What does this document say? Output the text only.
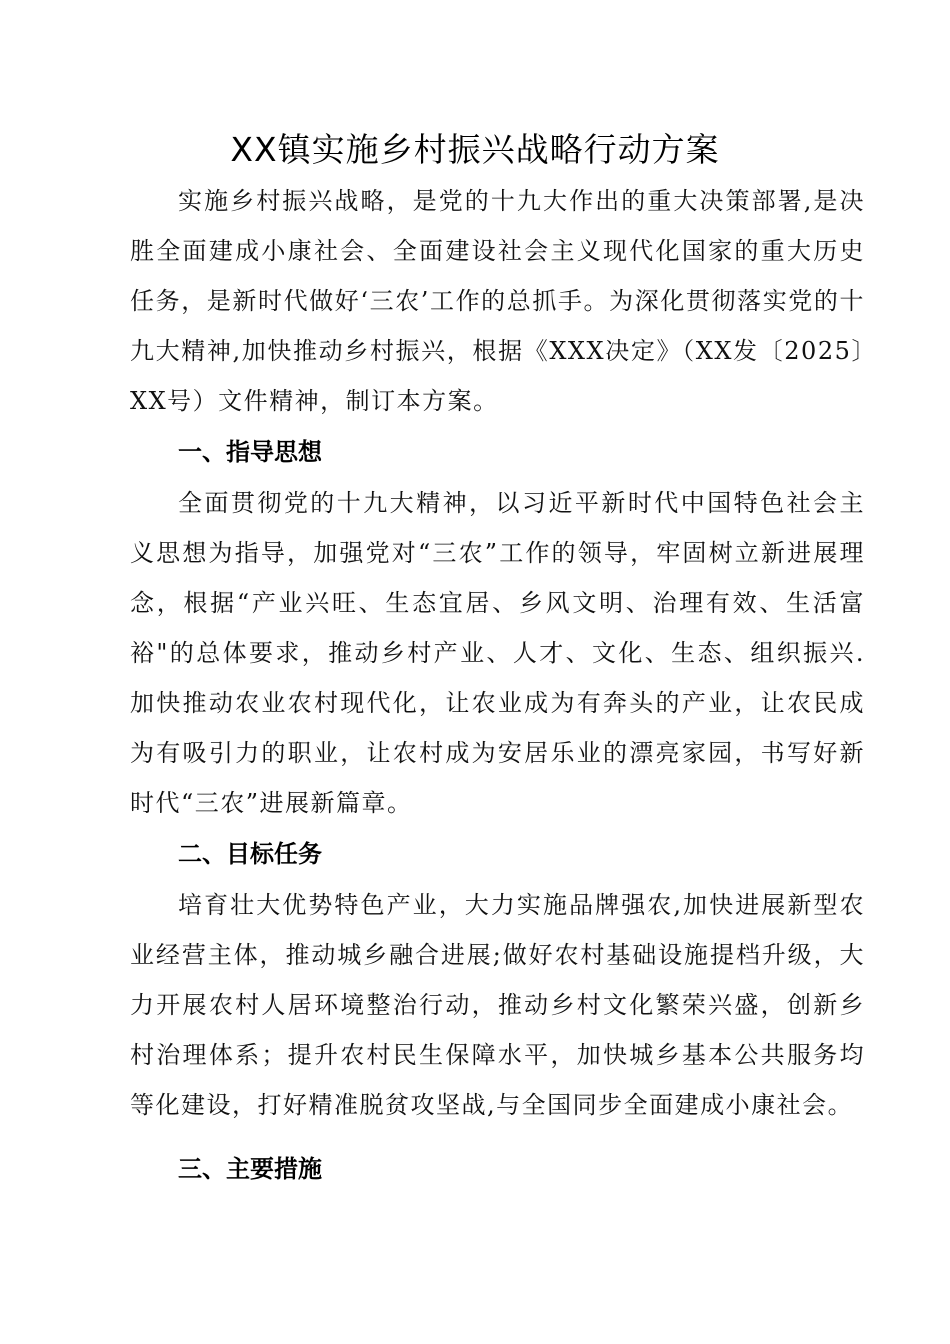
XX镇实施乡村振兴战略行动方案

实施乡村振兴战略，是党的十九大作出的重大决策部署,是决胜全面建成小康社会、全面建设社会主义现代化国家的重大历史任务，是新时代做好‘三农’工作的总抓手。为深化贯彻落实党的十九大精神,加快推动乡村振兴，根据《XXX决定》（XX发〔2025〕XX号）文件精神，制订本方案。

一、指导思想

全面贯彻党的十九大精神，以习近平新时代中国特色社会主义思想为指导，加强党对“三农”工作的领导，牢固树立新进展理念，根据“产业兴旺、生态宜居、乡风文明、治理有效、生活富裕"的总体要求，推动乡村产业、人才、文化、生态、组织振兴.加快推动农业农村现代化，让农业成为有奔头的产业，让农民成为有吸引力的职业，让农村成为安居乐业的漂亮家园，书写好新时代“三农”进展新篇章。

二、目标任务

培育壮大优势特色产业，大力实施品牌强农,加快进展新型农业经营主体，推动城乡融合进展;做好农村基础设施提档升级，大力开展农村人居环境整治行动，推动乡村文化繁荣兴盛，创新乡村治理体系；提升农村民生保障水平，加快城乡基本公共服务均等化建设，打好精准脱贫攻坚战,与全国同步全面建成小康社会。

三、主要措施
